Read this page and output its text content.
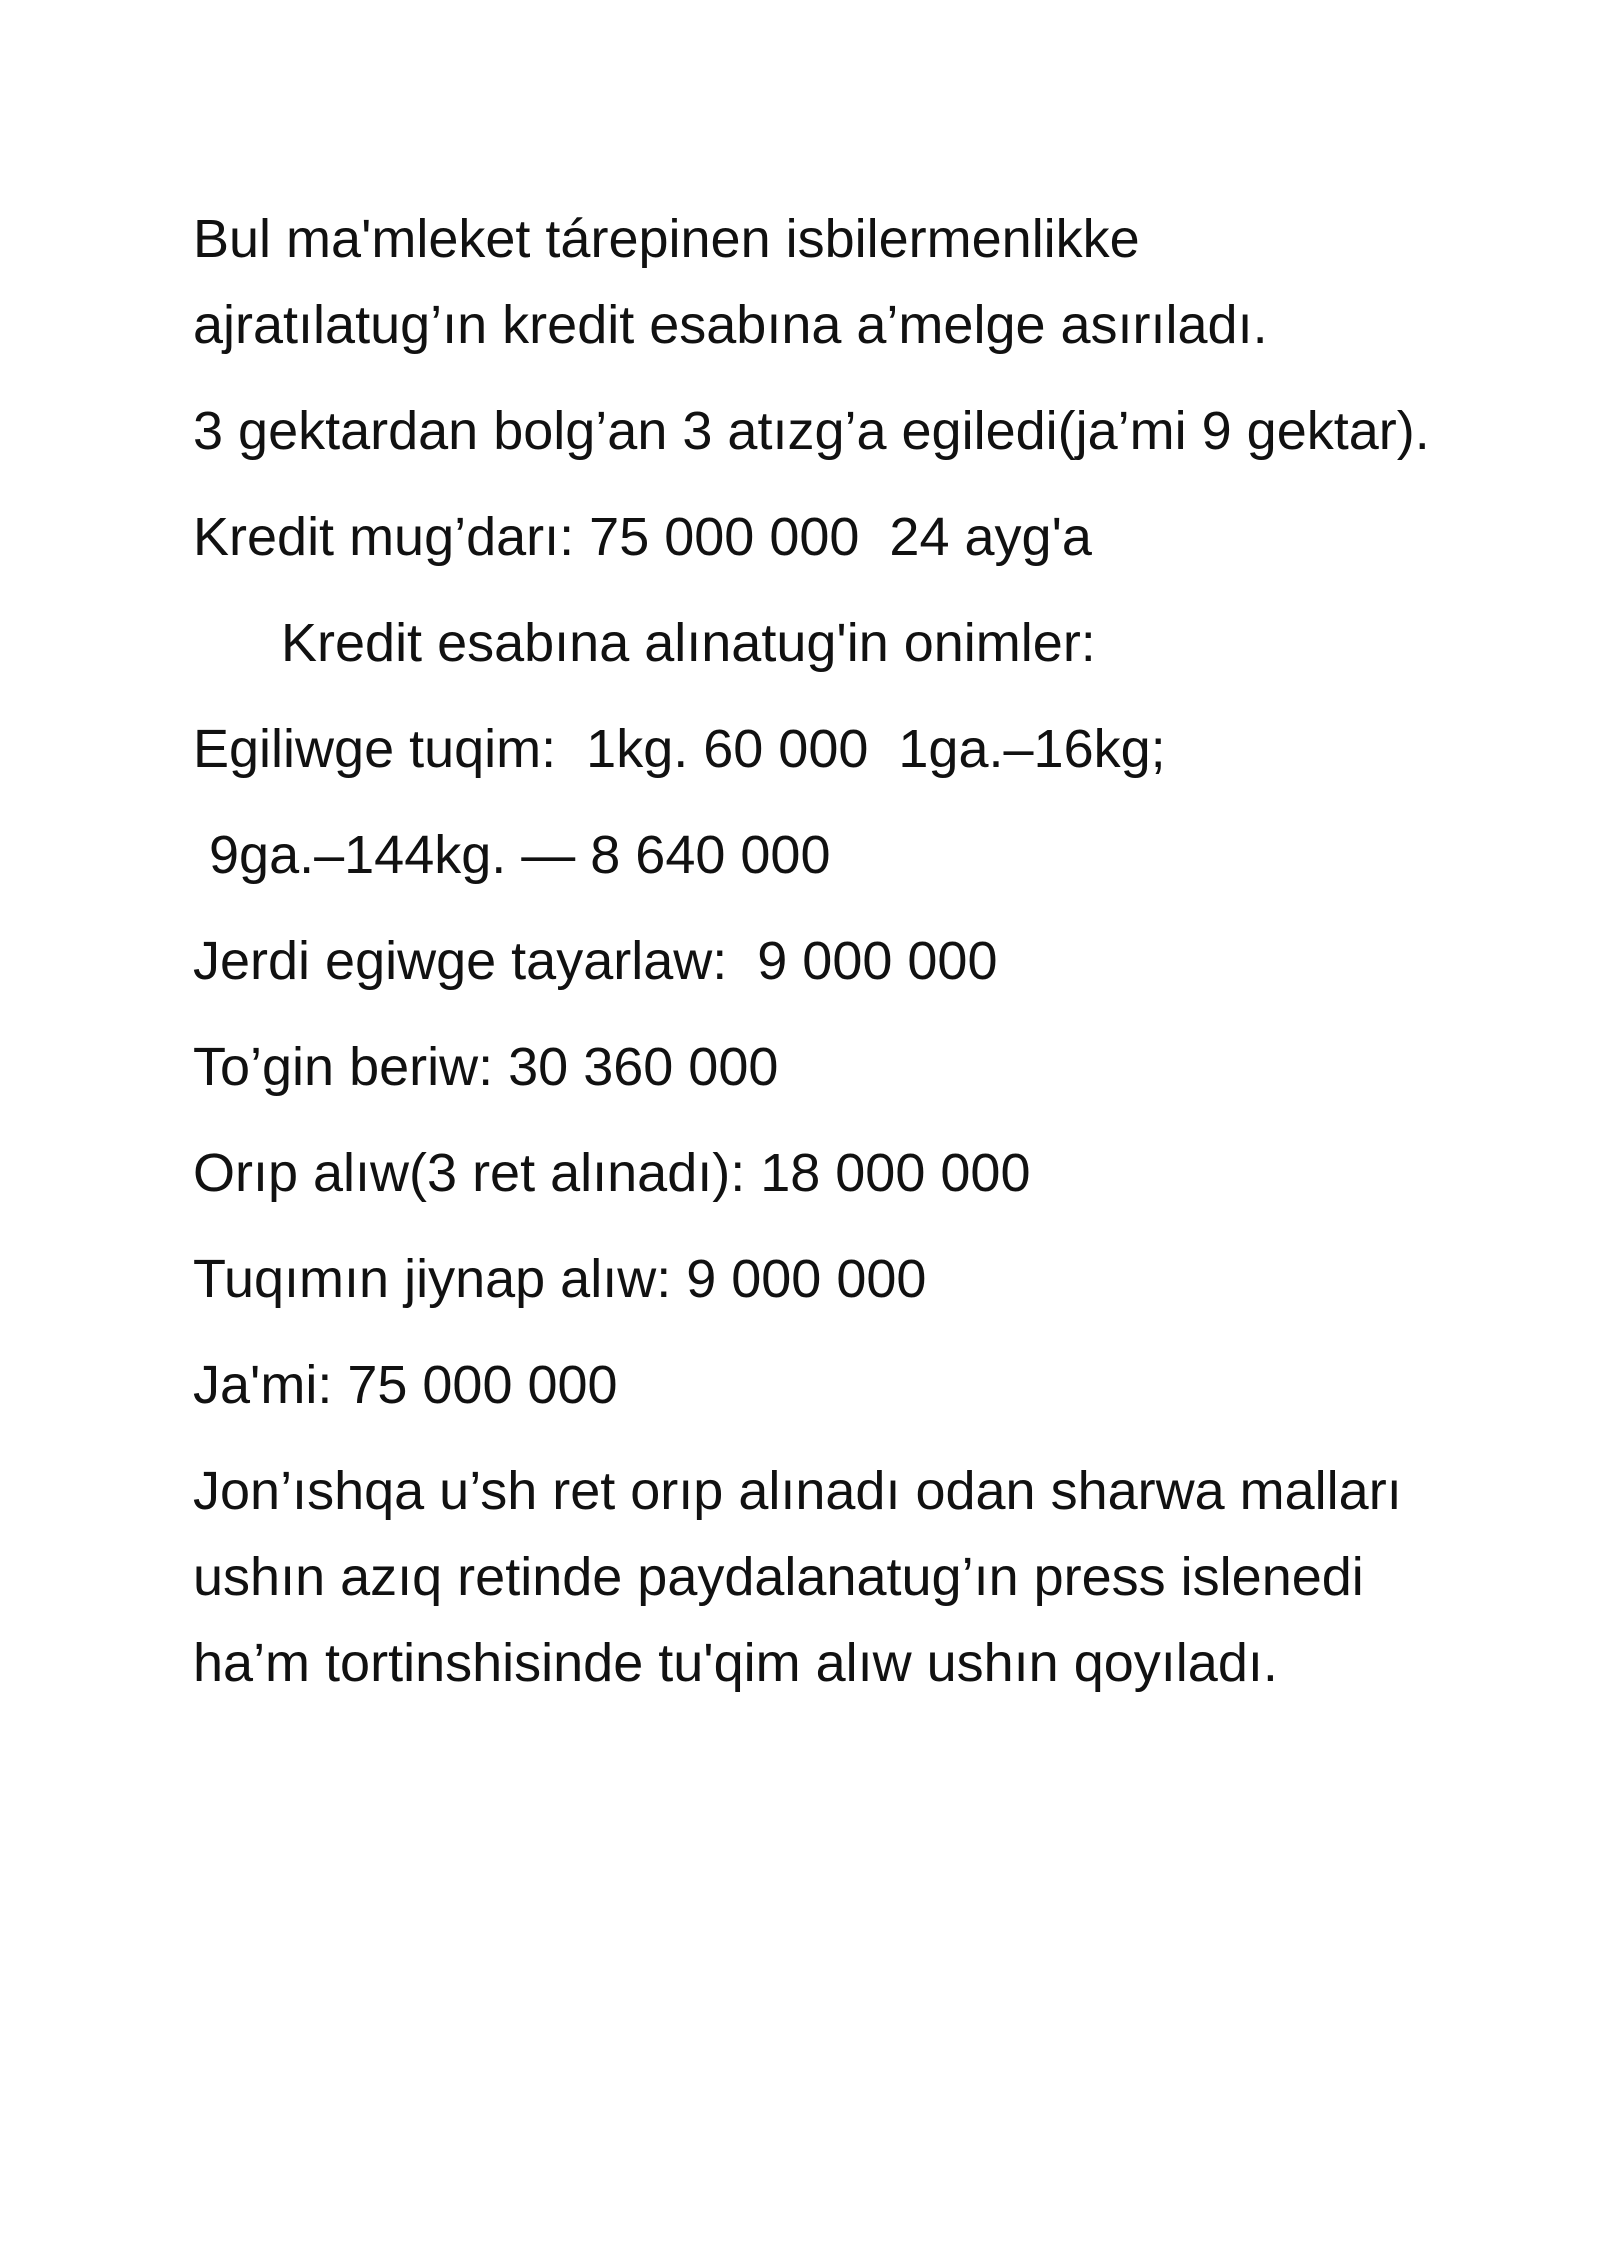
Bul ma'mleket tárepinen isbilermenlikke ajratılatug’ın kredit esabına a’melge asırıladı.

3 gektardan bolg’an 3 atızg’a egiledi(ja’mi 9 gektar).

Kredit mug’darı: 75 000 000  24 ayg'a

Kredit esabına alınatug'in onimler:

Egiliwge tuqim:  1kg. 60 000  1ga.–16kg;

9ga.–144kg. — 8 640 000

Jerdi egiwge tayarlaw:  9 000 000

To’gin beriw: 30 360 000

Orıp alıw(3 ret alınadı): 18 000 000

Tuqımın jiynap alıw: 9 000 000

Ja'mi: 75 000 000

Jon’ıshqa u’sh ret orıp alınadı odan sharwa malları ushın azıq retinde paydalanatug’ın press islenedi ha’m tortinshisinde tu'qim alıw ushın qoyıladı.
